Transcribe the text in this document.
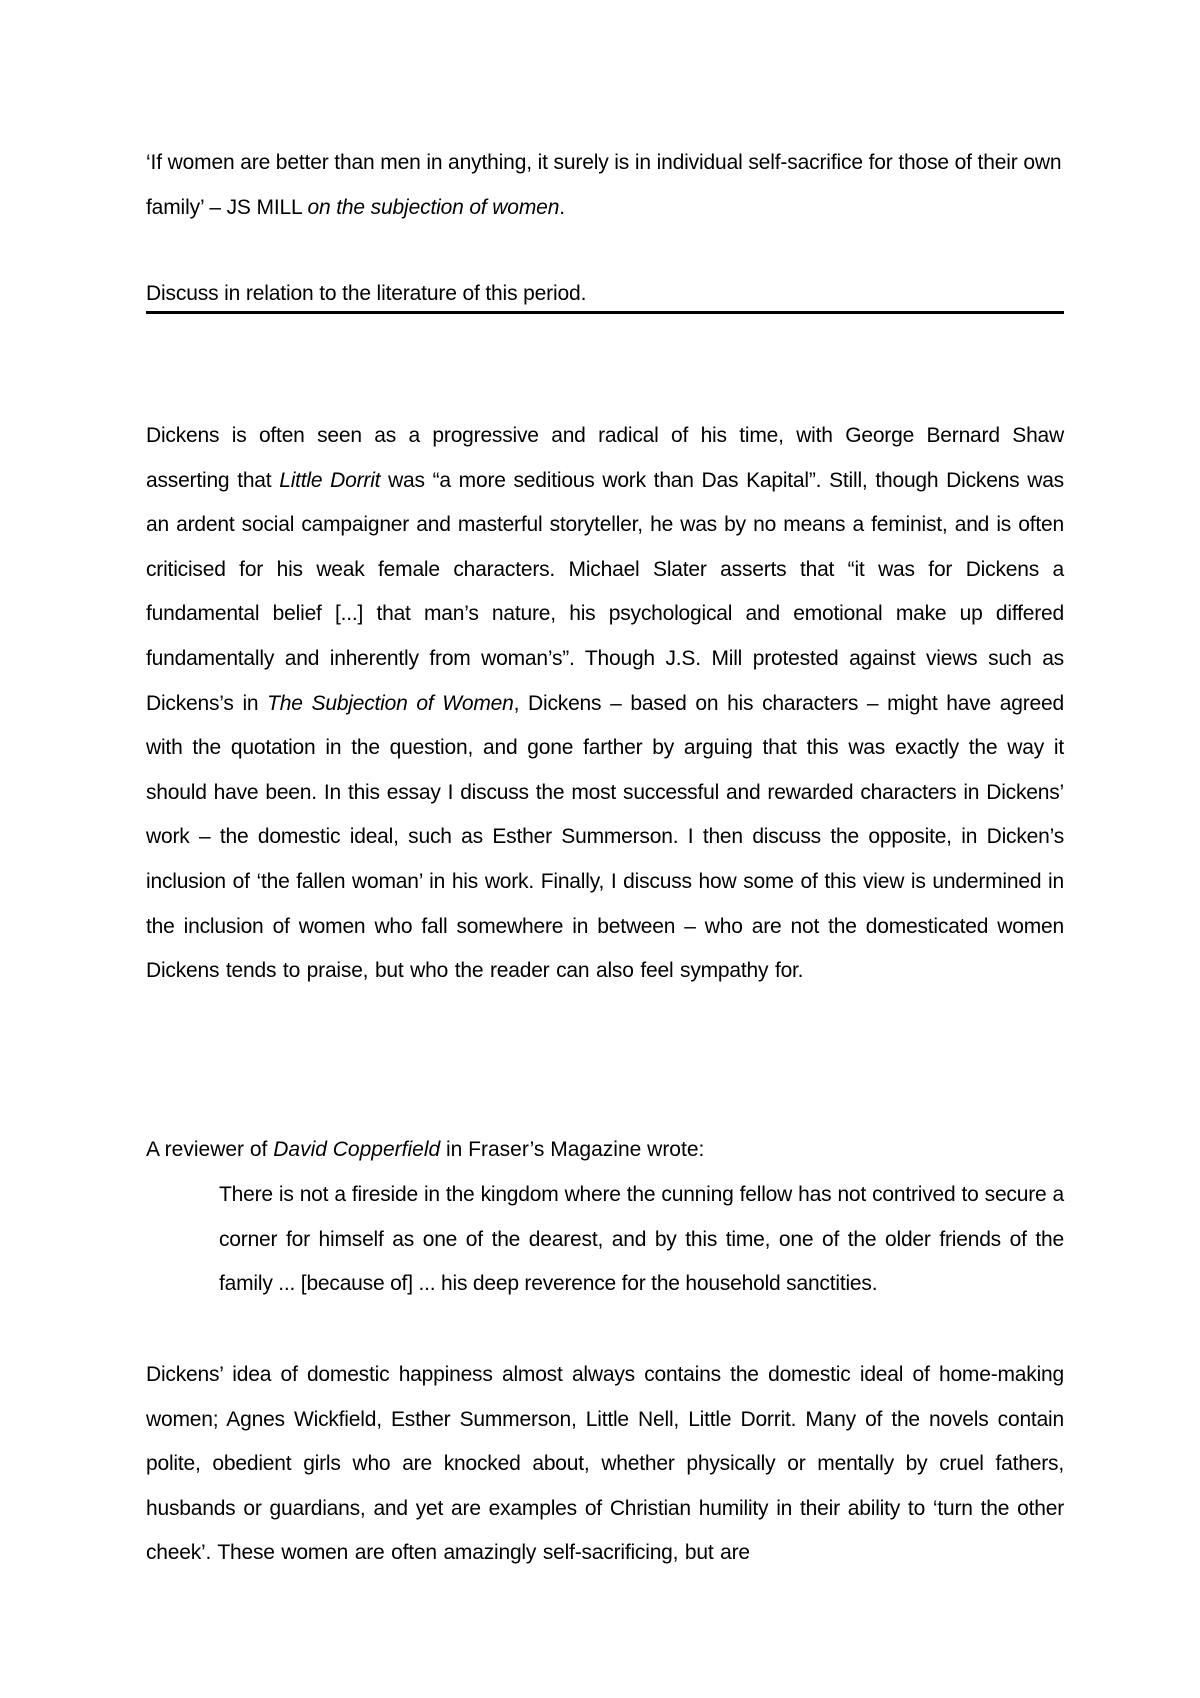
‘If women are better than men in anything, it surely is in individual self-sacrifice for those of their own family’ – JS MILL on the subjection of women.

Discuss in relation to the literature of this period.

Dickens is often seen as a progressive and radical of his time, with George Bernard Shaw asserting that Little Dorrit was “a more seditious work than Das Kapital”. Still, though Dickens was an ardent social campaigner and masterful storyteller, he was by no means a feminist, and is often criticised for his weak female characters. Michael Slater asserts that “it was for Dickens a fundamental belief [...] that man’s nature, his psychological and emotional make up differed fundamentally and inherently from woman’s”. Though J.S. Mill protested against views such as Dickens’s in The Subjection of Women, Dickens – based on his characters – might have agreed with the quotation in the question, and gone farther by arguing that this was exactly the way it should have been. In this essay I discuss the most successful and rewarded characters in Dickens’ work – the domestic ideal, such as Esther Summerson. I then discuss the opposite, in Dicken’s inclusion of ‘the fallen woman’ in his work. Finally, I discuss how some of this view is undermined in the inclusion of women who fall somewhere in between – who are not the domesticated women Dickens tends to praise, but who the reader can also feel sympathy for.

A reviewer of David Copperfield in Fraser’s Magazine wrote:

There is not a fireside in the kingdom where the cunning fellow has not contrived to secure a corner for himself as one of the dearest, and by this time, one of the older friends of the family ... [because of] ... his deep reverence for the household sanctities.

Dickens’ idea of domestic happiness almost always contains the domestic ideal of home-making women; Agnes Wickfield, Esther Summerson, Little Nell, Little Dorrit. Many of the novels contain polite, obedient girls who are knocked about, whether physically or mentally by cruel fathers, husbands or guardians, and yet are examples of Christian humility in their ability to ‘turn the other cheek’. These women are often amazingly self-sacrificing, but are
